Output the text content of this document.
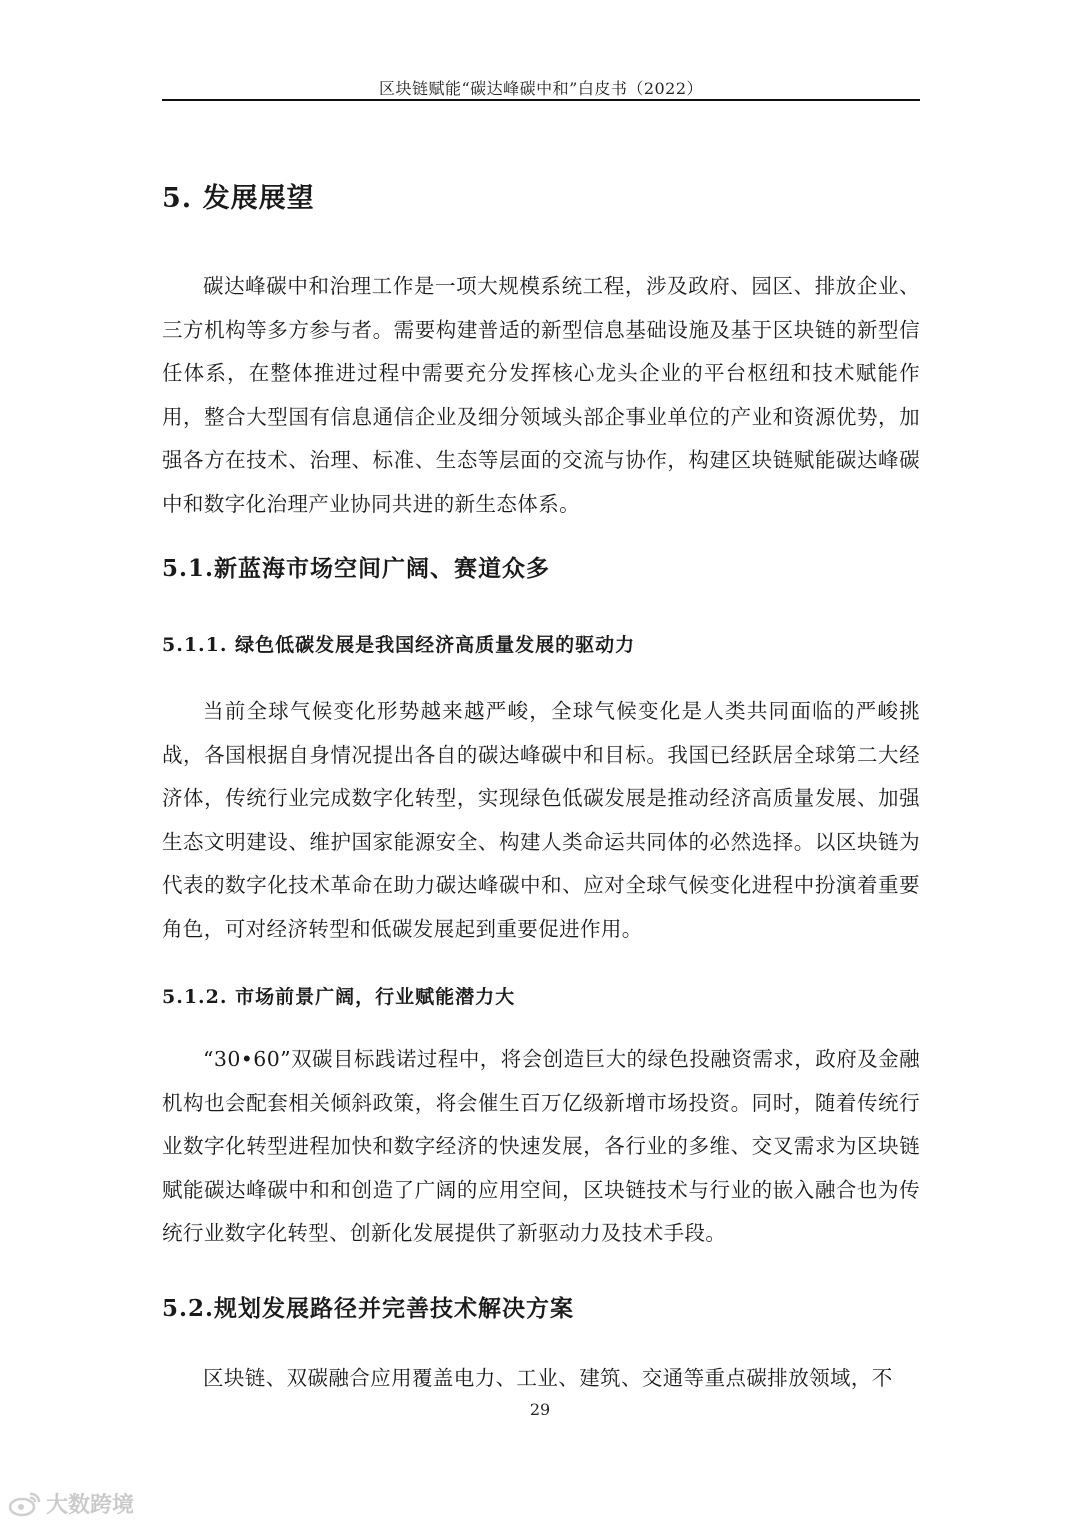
区块链赋能“碳达峰碳中和”白皮书（2022）
5. 发展展望

碳达峰碳中和治理工作是一项大规模系统工程，涉及政府、园区、排放企业、三方机构等多方参与者。需要构建普适的新型信息基础设施及基于区块链的新型信任体系，在整体推进过程中需要充分发挥核心龙头企业的平台枢纽和技术赋能作用，整合大型国有信息通信企业及细分领域头部企事业单位的产业和资源优势，加强各方在技术、治理、标准、生态等层面的交流与协作，构建区块链赋能碳达峰碳中和数字化治理产业协同共进的新生态体系。

5.1.新蓝海市场空间广阔、赛道众多
5.1.1. 绿色低碳发展是我国经济高质量发展的驱动力

当前全球气候变化形势越来越严峻，全球气候变化是人类共同面临的严峻挑战，各国根据自身情况提出各自的碳达峰碳中和目标。我国已经跃居全球第二大经济体，传统行业完成数字化转型，实现绿色低碳发展是推动经济高质量发展、加强生态文明建设、维护国家能源安全、构建人类命运共同体的必然选择。以区块链为代表的数字化技术革命在助力碳达峰碳中和、应对全球气候变化进程中扮演着重要角色，可对经济转型和低碳发展起到重要促进作用。

5.1.2. 市场前景广阔，行业赋能潜力大

“30•60”双碳目标践诺过程中，将会创造巨大的绿色投融资需求，政府及金融机构也会配套相关倾斜政策，将会催生百万亿级新增市场投资。同时，随着传统行业数字化转型进程加快和数字经济的快速发展，各行业的多维、交叉需求为区块链赋能碳达峰碳中和和创造了广阔的应用空间，区块链技术与行业的嵌入融合也为传统行业数字化转型、创新化发展提供了新驱动力及技术手段。

5.2.规划发展路径并完善技术解决方案

区块链、双碳融合应用覆盖电力、工业、建筑、交通等重点碳排放领域，不

29
大数跨境
